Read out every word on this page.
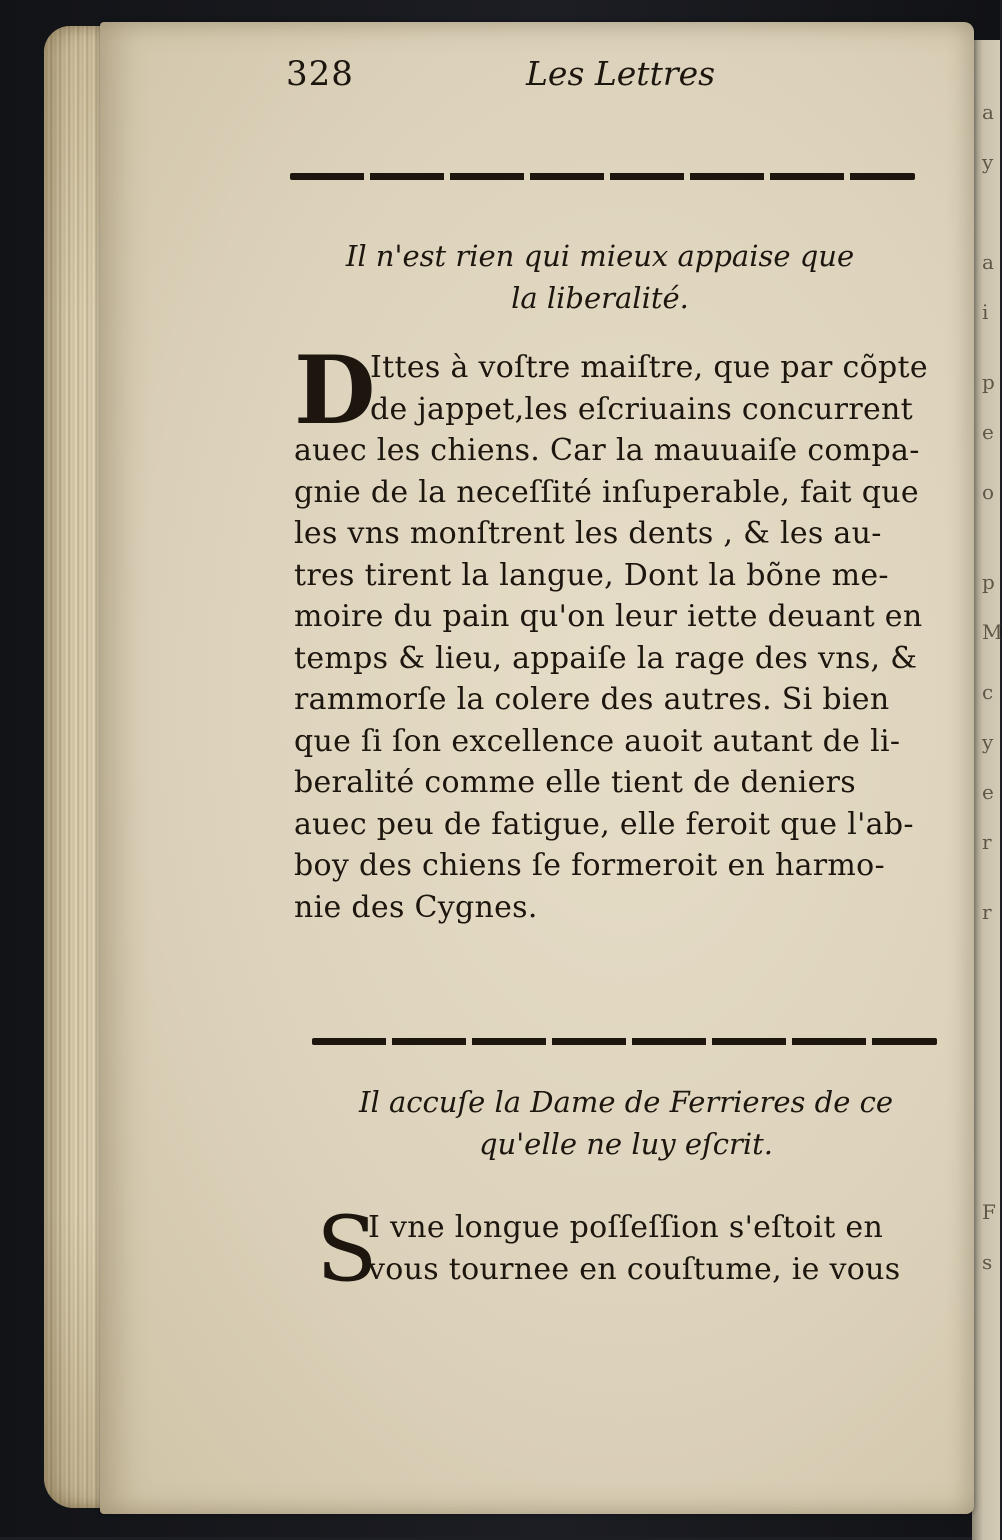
a
y
a
i
p
e
o
p
M
c
y
e
r
r
F
s
328	Les Lettres
Il n'est rien qui mieux appaise que
la liberalité.
D
Ittes à voſtre maiſtre, que par cõpte
de jappet,les eſcriuains concurrent
auec les chiens. Car la mauuaiſe compa-
gnie de la neceſſité inſuperable, fait que
les vns monſtrent les dents , & les au-
tres tirent la langue, Dont la bõne me-
moire du pain qu'on leur iette deuant en
temps & lieu, appaiſe la rage des vns, &
rammorſe la colere des autres. Si bien
que ſi ſon excellence auoit autant de li-
beralité comme elle tient de deniers
auec peu de fatigue, elle feroit que l'ab-
boy des chiens ſe formeroit en harmo-
nie des Cygnes.
Il accuſe la Dame de Ferrieres de ce
qu'elle ne luy eſcrit.
S
I vne longue poſſeſſion s'eſtoit en
vous tournee en couſtume, ie vous
